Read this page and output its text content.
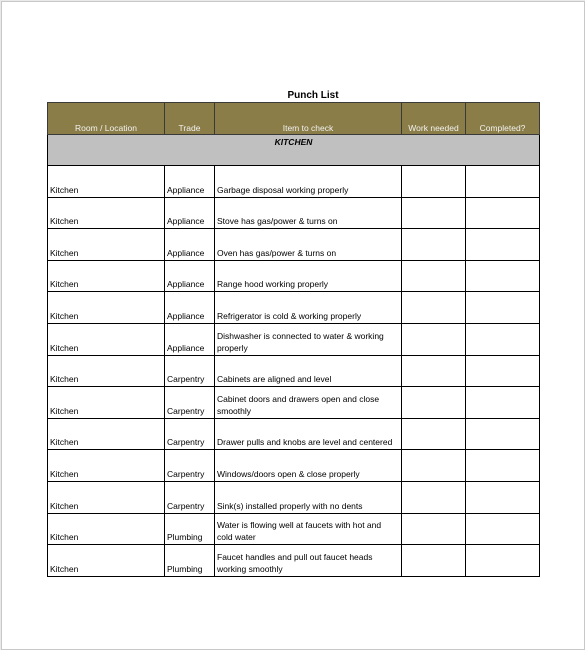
Punch List
Room / Location	Trade	Item to check	Work needed	Completed?
KITCHEN				
Kitchen	Appliance	Garbage disposal working properly		
Kitchen	Appliance	Stove has gas/power & turns on		
Kitchen	Appliance	Oven has gas/power & turns on		
Kitchen	Appliance	Range hood working properly		
Kitchen	Appliance	Refrigerator is cold & working properly		
Kitchen	Appliance	Dishwasher is connected to water & working properly		
Kitchen	Carpentry	Cabinets are aligned and level		
Kitchen	Carpentry	Cabinet doors and drawers open and close smoothly		
Kitchen	Carpentry	Drawer pulls and knobs are level and centered		
Kitchen	Carpentry	Windows/doors open & close properly		
Kitchen	Carpentry	Sink(s) installed properly with no dents		
Kitchen	Plumbing	Water is flowing well at faucets with hot and cold water		
Kitchen	Plumbing	Faucet handles and pull out faucet heads working smoothly		
